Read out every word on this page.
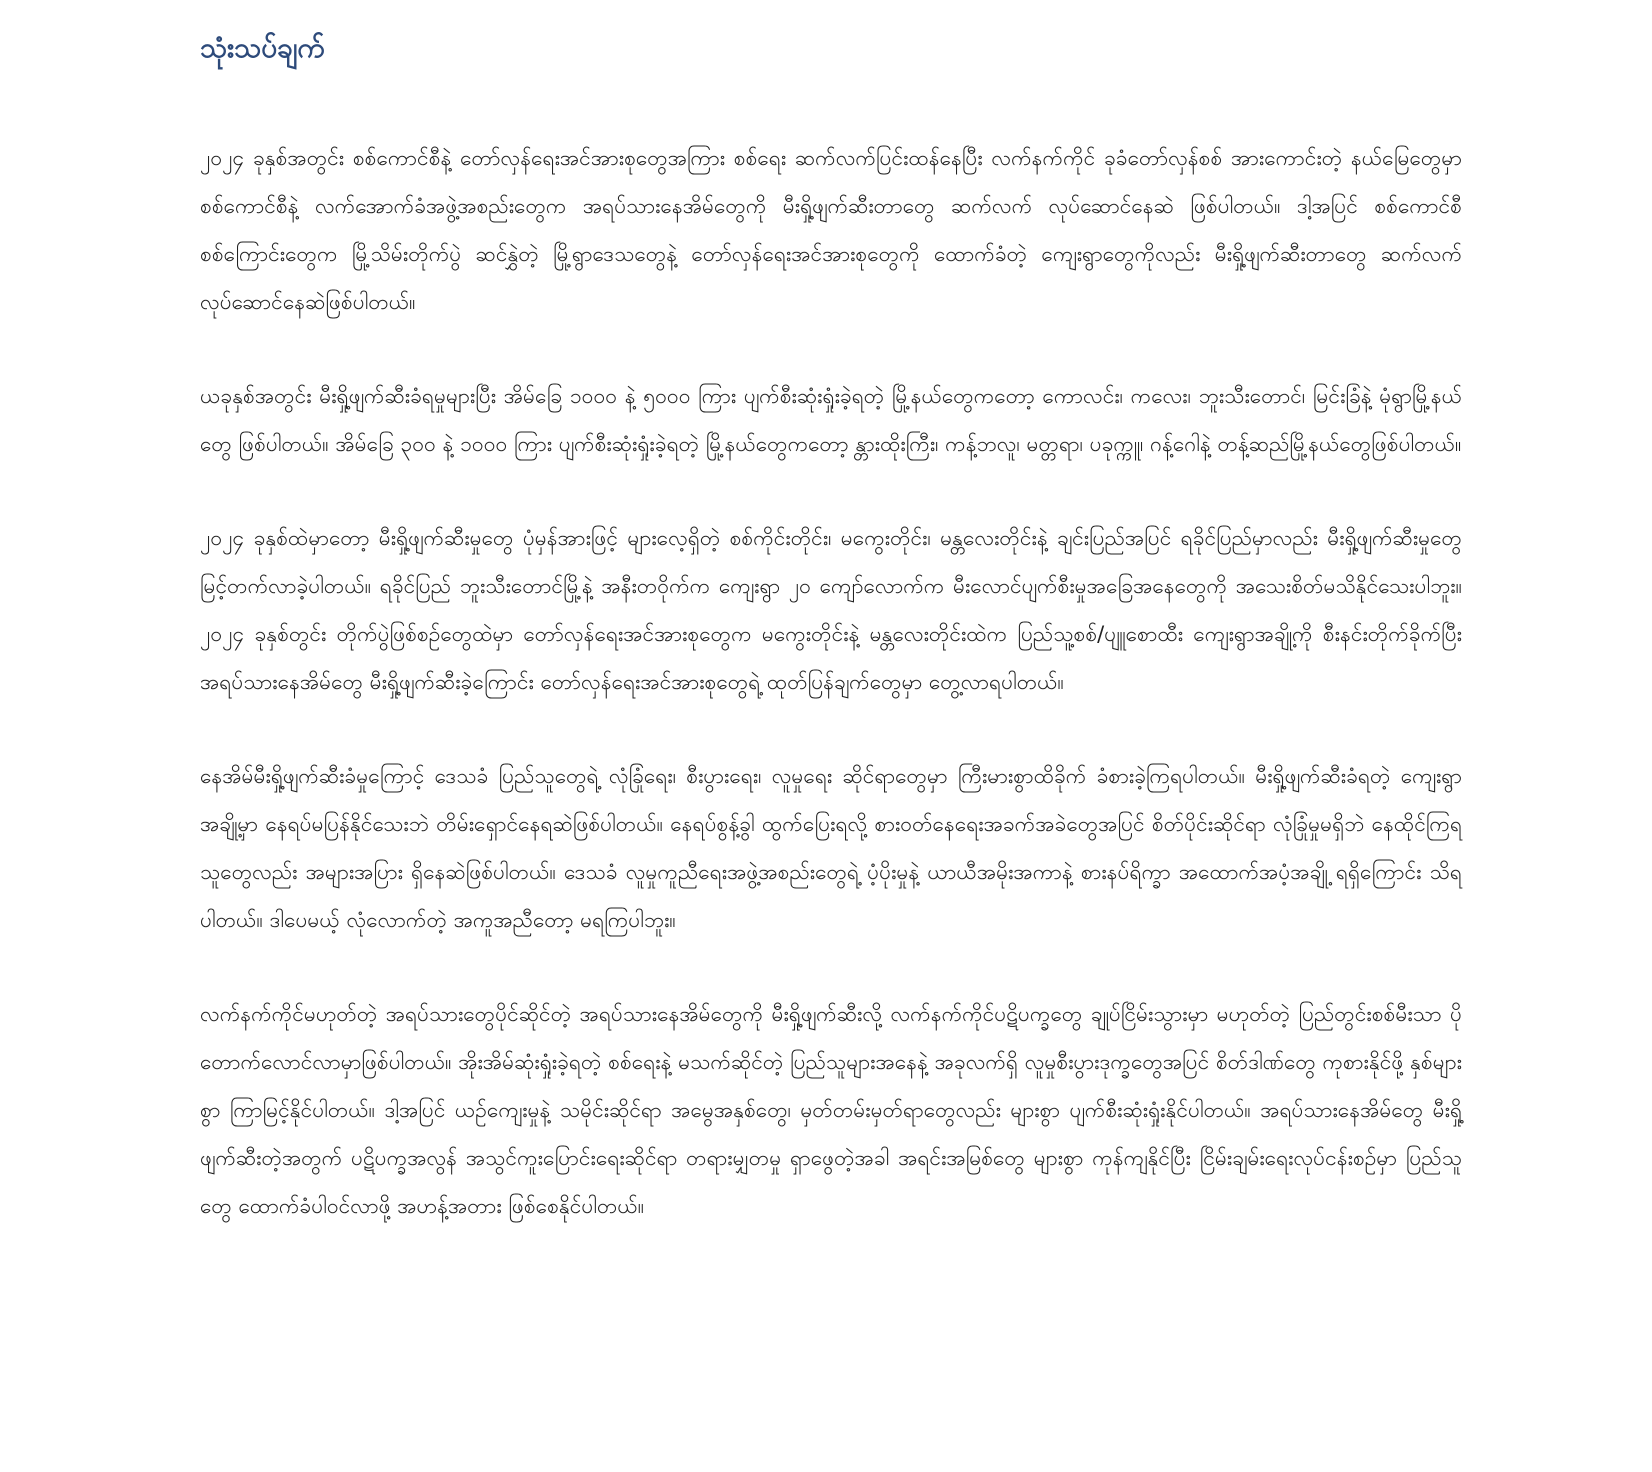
သုံးသပ်ချက်

၂၀၂၄ ခုနှစ်အတွင်း စစ်ကောင်စီနဲ့ တော်လှန်ရေးအင်အားစုတွေအကြား စစ်ရေး ဆက်လက်ပြင်းထန်နေပြီး လက်နက်ကိုင် ခုခံတော်လှန်စစ် အားကောင်းတဲ့ နယ်မြေတွေမှာ စစ်ကောင်စီနဲ့ လက်အောက်ခံအဖွဲ့အစည်းတွေက အရပ်သားနေအိမ်တွေကို မီးရှို့ဖျက်ဆီးတာတွေ ဆက်လက် လုပ်ဆောင်နေဆဲ ဖြစ်ပါတယ်။ ဒါ့အပြင် စစ်ကောင်စီစစ်ကြောင်းတွေက မြို့သိမ်းတိုက်ပွဲ ဆင်နွှဲတဲ့ မြို့ရွာဒေသတွေနဲ့ တော်လှန်ရေးအင်အားစုတွေကို ထောက်ခံတဲ့ ကျေးရွာတွေကိုလည်း မီးရှို့ဖျက်ဆီးတာတွေ ဆက်လက် လုပ်ဆောင်နေဆဲဖြစ်ပါတယ်။

ယခုနှစ်အတွင်း မီးရှို့ဖျက်ဆီးခံရမှုများပြီး အိမ်ခြေ ၁၀၀၀ နဲ့ ၅၀၀၀ ကြား ပျက်စီးဆုံးရှုံးခဲ့ရတဲ့ မြို့နယ်တွေကတော့ ကောလင်း၊ ကလေး၊ ဘူးသီးတောင်၊ မြင်းခြံနဲ့ မုံရွာမြို့နယ်တွေ ဖြစ်ပါတယ်။ အိမ်ခြေ ၃၀၀ နဲ့ ၁၀၀၀ ကြား ပျက်စီးဆုံးရှုံးခဲ့ရတဲ့ မြို့နယ်တွေကတော့ န္တားထိုးကြီး၊ ကန့်ဘလူ၊ မတ္တရာ၊ ပခုက္ကူ၊ ဂန့်ဂေါနဲ့ တန့်ဆည်မြို့နယ်တွေဖြစ်ပါတယ်။

၂၀၂၄ ခုနှစ်ထဲမှာတော့ မီးရှို့ဖျက်ဆီးမှုတွေ ပုံမှန်အားဖြင့် များလေ့ရှိတဲ့ စစ်ကိုင်းတိုင်း၊ မကွေးတိုင်း၊ မန္တလေးတိုင်းနဲ့ ချင်းပြည်အပြင် ရခိုင်ပြည်မှာလည်း မီးရှို့ဖျက်ဆီးမှုတွေ မြင့်တက်လာခဲ့ပါတယ်။ ရခိုင်ပြည် ဘူးသီးတောင်မြို့နဲ့ အနီးတဝိုက်က ကျေးရွာ ၂၀ ကျော်လောက်က မီးလောင်ပျက်စီးမှုအခြေအနေတွေကို အသေးစိတ်မသိနိုင်သေးပါဘူး။ ၂၀၂၄ ခုနှစ်တွင်း တိုက်ပွဲဖြစ်စဉ်တွေထဲမှာ တော်လှန်ရေးအင်အားစုတွေက မကွေးတိုင်းနဲ့ မန္တလေးတိုင်းထဲက ပြည်သူ့စစ်/ပျူစောထီး ကျေးရွာအချို့ကို စီးနင်းတိုက်ခိုက်ပြီး အရပ်သားနေအိမ်တွေ မီးရှို့ဖျက်ဆီးခဲ့ကြောင်း တော်လှန်ရေးအင်အားစုတွေရဲ့ ထုတ်ပြန်ချက်တွေမှာ တွေ့လာရပါတယ်။

နေအိမ်မီးရှို့ဖျက်ဆီးခံမှုကြောင့် ဒေသခံ ပြည်သူတွေရဲ့ လုံခြုံရေး၊ စီးပွားရေး၊ လူမှုရေး ဆိုင်ရာတွေမှာ ကြီးမားစွာထိခိုက် ခံစားခဲ့ကြရပါတယ်။ မီးရှို့ဖျက်ဆီးခံရတဲ့ ကျေးရွာအချို့မှာ နေရပ်မပြန်နိုင်သေးဘဲ တိမ်းရှောင်နေရဆဲဖြစ်ပါတယ်။ နေရပ်စွန့်ခွါ ထွက်ပြေးရလို့ စားဝတ်နေရေးအခက်အခဲတွေအပြင် စိတ်ပိုင်းဆိုင်ရာ လုံခြုံမှုမရှိဘဲ နေထိုင်ကြရသူတွေလည်း အများအပြား ရှိနေဆဲဖြစ်ပါတယ်။ ဒေသခံ လူမှုကူညီရေးအဖွဲ့အစည်းတွေရဲ့ ပံ့ပိုးမှုနဲ့ ယာယီအမိုးအကာနဲ့ စားနပ်ရိက္ခာ အထောက်အပံ့အချို့ ရရှိကြောင်း သိရပါတယ်။ ဒါပေမယ့် လုံလောက်တဲ့ အကူအညီတော့ မရကြပါဘူး။

လက်နက်ကိုင်မဟုတ်တဲ့ အရပ်သားတွေပိုင်ဆိုင်တဲ့ အရပ်သားနေအိမ်တွေကို မီးရှို့ဖျက်ဆီးလို့ လက်နက်ကိုင်ပဋိပက္ခတွေ ချုပ်ငြိမ်းသွားမှာ မဟုတ်တဲ့ ပြည်တွင်းစစ်မီးသာ ပိုတောက်လောင်လာမှာဖြစ်ပါတယ်။ အိုးအိမ်ဆုံးရှုံးခဲ့ရတဲ့ စစ်ရေးနဲ့ မသက်ဆိုင်တဲ့ ပြည်သူများအနေနဲ့ အခုလက်ရှိ လူမှုစီးပွားဒုက္ခတွေအပြင် စိတ်ဒါဏ်တွေ ကုစားနိုင်ဖို့ နှစ်များစွာ ကြာမြင့်နိုင်ပါတယ်။ ဒါ့အပြင် ယဉ်ကျေးမှုနဲ့ သမိုင်းဆိုင်ရာ အမွေအနှစ်တွေ၊ မှတ်တမ်းမှတ်ရာတွေလည်း များစွာ ပျက်စီးဆုံးရှုံးနိုင်ပါတယ်။ အရပ်သားနေအိမ်တွေ မီးရှို့ဖျက်ဆီးတဲ့အတွက် ပဋိပက္ခအလွန် အသွင်ကူးပြောင်းရေးဆိုင်ရာ တရားမျှတမှု ရှာဖွေတဲ့အခါ အရင်းအမြစ်တွေ များစွာ ကုန်ကျနိုင်ပြီး ငြိမ်းချမ်းရေးလုပ်ငန်းစဉ်မှာ ပြည်သူတွေ ထောက်ခံပါဝင်လာဖို့ အဟန့်အတား ဖြစ်စေနိုင်ပါတယ်။
